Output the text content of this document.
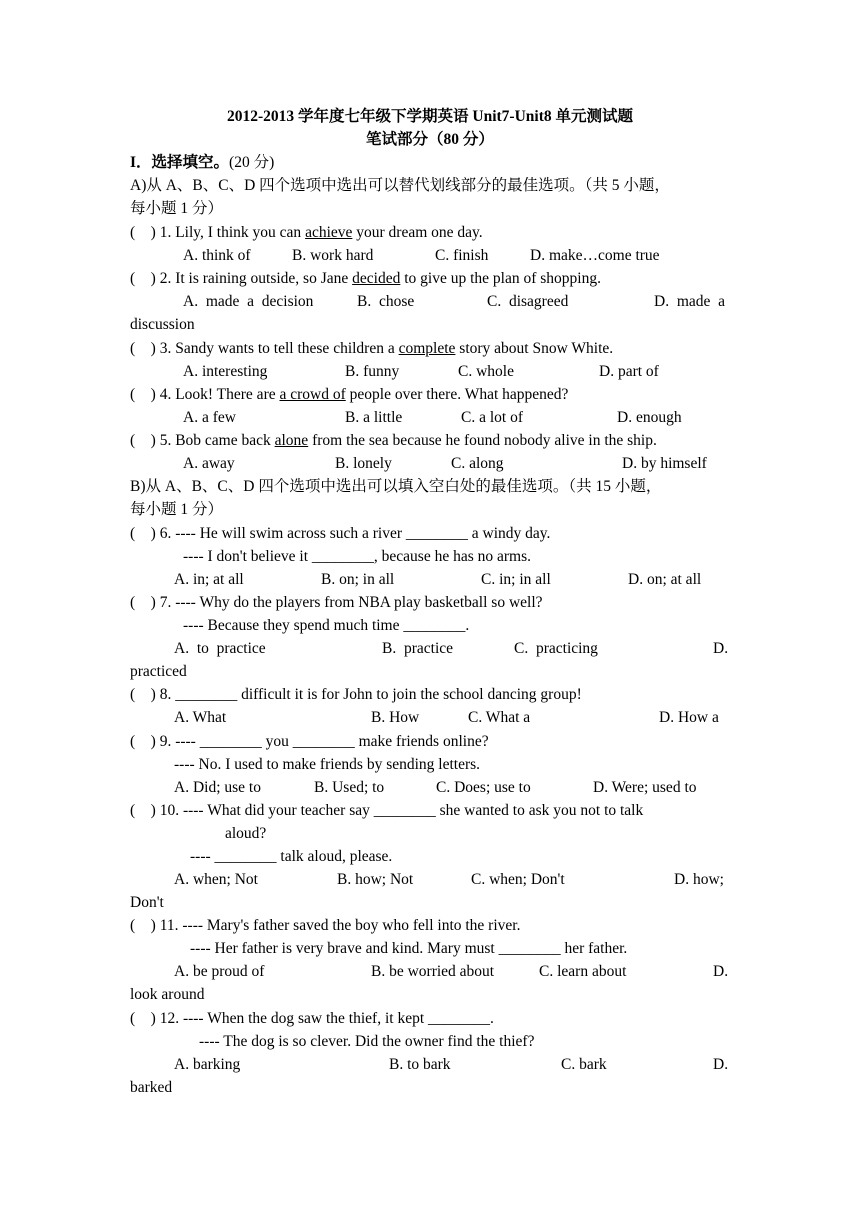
2012-2013 学年度七年级下学期英语 Unit7-Unit8 单元测试题
笔试部分（80 分）
I．选择填空。(20 分)
A)从 A、B、C、D 四个选项中选出可以替代划线部分的最佳选项。（共 5 小题，
每小题 1 分）
(    ) 1. Lily, I think you can achieve your dream one day.
A. think of	B. work hard	C. finish	D. make…come true
(    ) 2. It is raining outside, so Jane decided to give up the plan of shopping.
A.  made  a  decision	B.  chose	C.  disagreed	D.  made  a
discussion
(    ) 3. Sandy wants to tell these children a complete story about Snow White.
A. interesting	B. funny	C. whole	D. part of
(    ) 4. Look! There are a crowd of people over there. What happened?
A. a few	B. a little	C. a lot of	D. enough
(    ) 5. Bob came back alone from the sea because he found nobody alive in the ship.
A. away	B. lonely	C. along	D. by himself
B)从 A、B、C、D 四个选项中选出可以填入空白处的最佳选项。（共 15 小题，
每小题 1 分）
(    ) 6. ---- He will swim across such a river ________ a windy day.
---- I don't believe it ________, because he has no arms.
A. in; at all	B. on; in all	C. in; in all	D. on; at all
(    ) 7. ---- Why do the players from NBA play basketball so well?
---- Because they spend much time ________.
A.  to  practice	B.  practice	C.  practicing	D.
practiced
(    ) 8. ________ difficult it is for John to join the school dancing group!
A. What	B. How	C. What a	D. How a
(    ) 9. ---- ________ you ________ make friends online?
---- No. I used to make friends by sending letters.
A. Did; use to	B. Used; to	C. Does; use to	D. Were; used to
(    ) 10. ---- What did your teacher say ________ she wanted to ask you not to talk
aloud?
---- ________ talk aloud, please.
A. when; Not	B. how; Not	C. when; Don't	D. how;
Don't
(    ) 11. ---- Mary's father saved the boy who fell into the river.
---- Her father is very brave and kind. Mary must ________ her father.
A. be proud of	B. be worried about	C. learn about	D.
look around
(    ) 12. ---- When the dog saw the thief, it kept ________.
---- The dog is so clever. Did the owner find the thief?
A. barking	B. to bark	C. bark	D.
barked
